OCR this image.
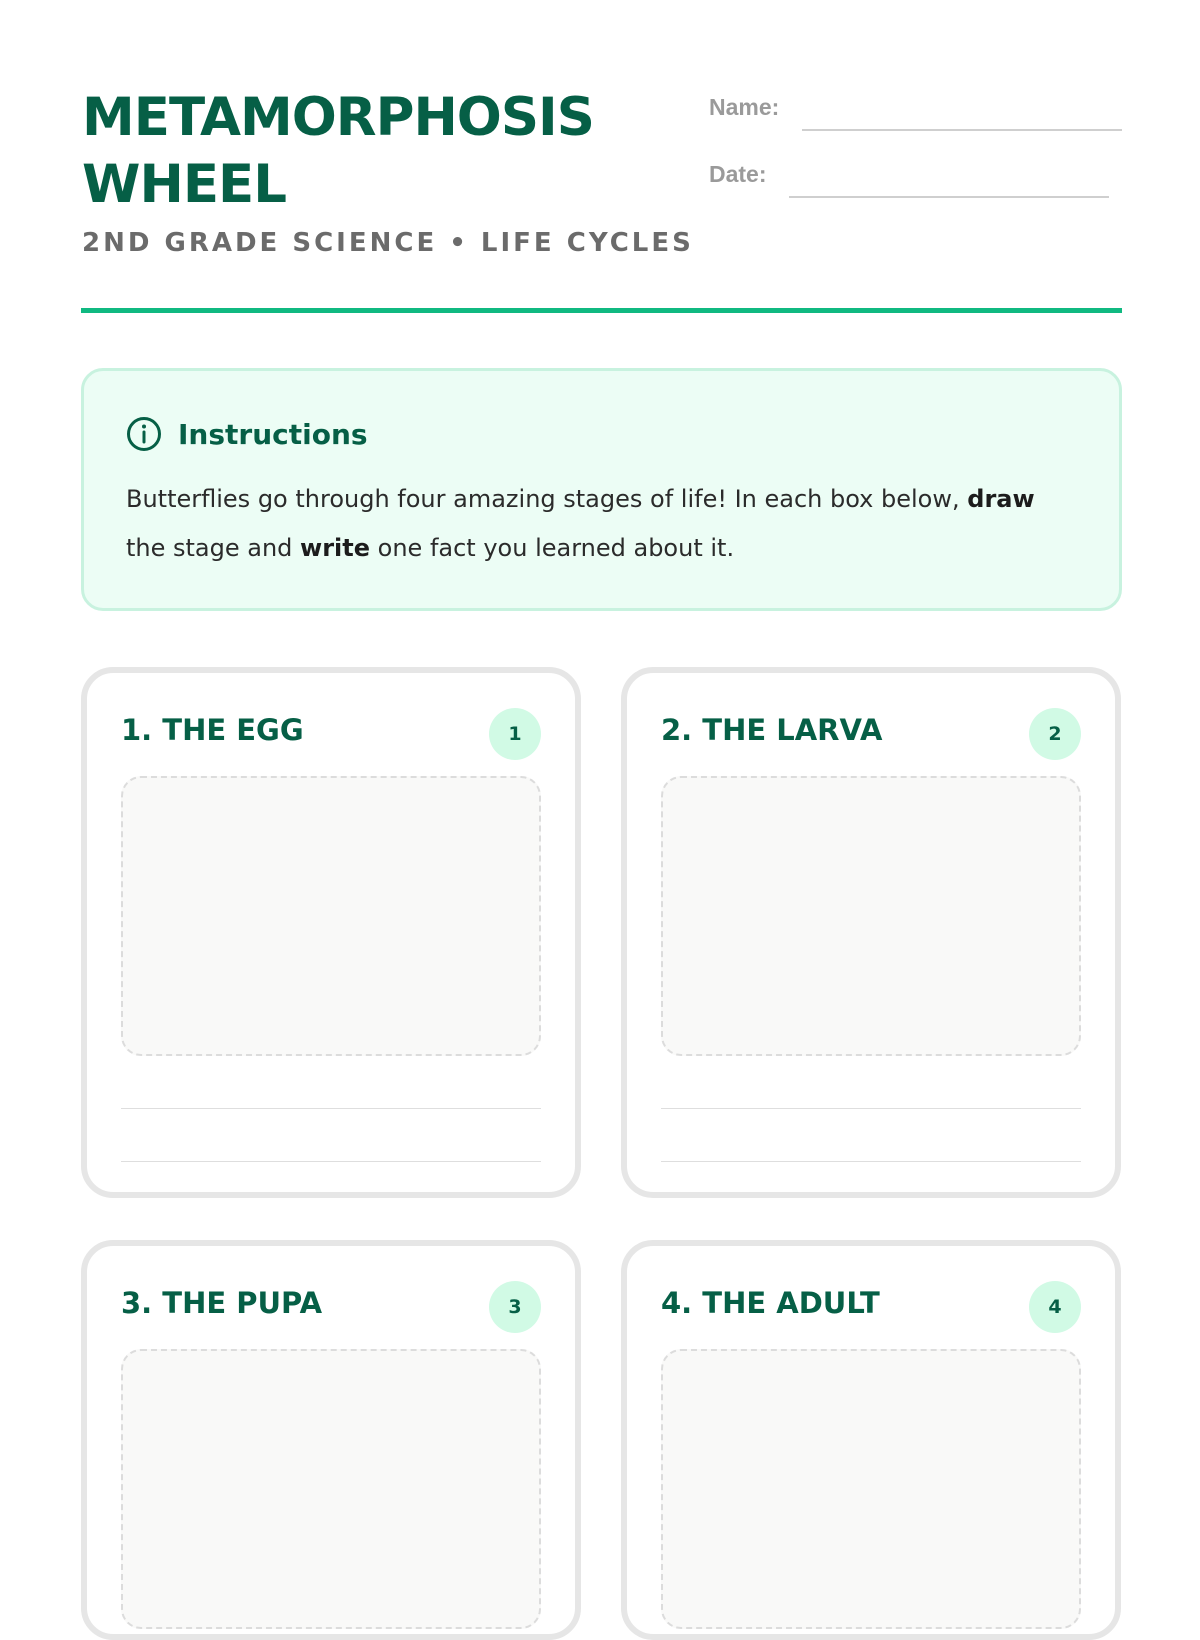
METAMORPHOSIS
WHEEL
2ND GRADE SCIENCE • LIFE CYCLES
Name:
Date:
Instructions

Butterflies go through four amazing stages of life! In each box below, draw the stage and write one fact you learned about it.

1. THE EGG	1	2. THE LARVA	2
3. THE PUPA	3	4. THE ADULT	4
